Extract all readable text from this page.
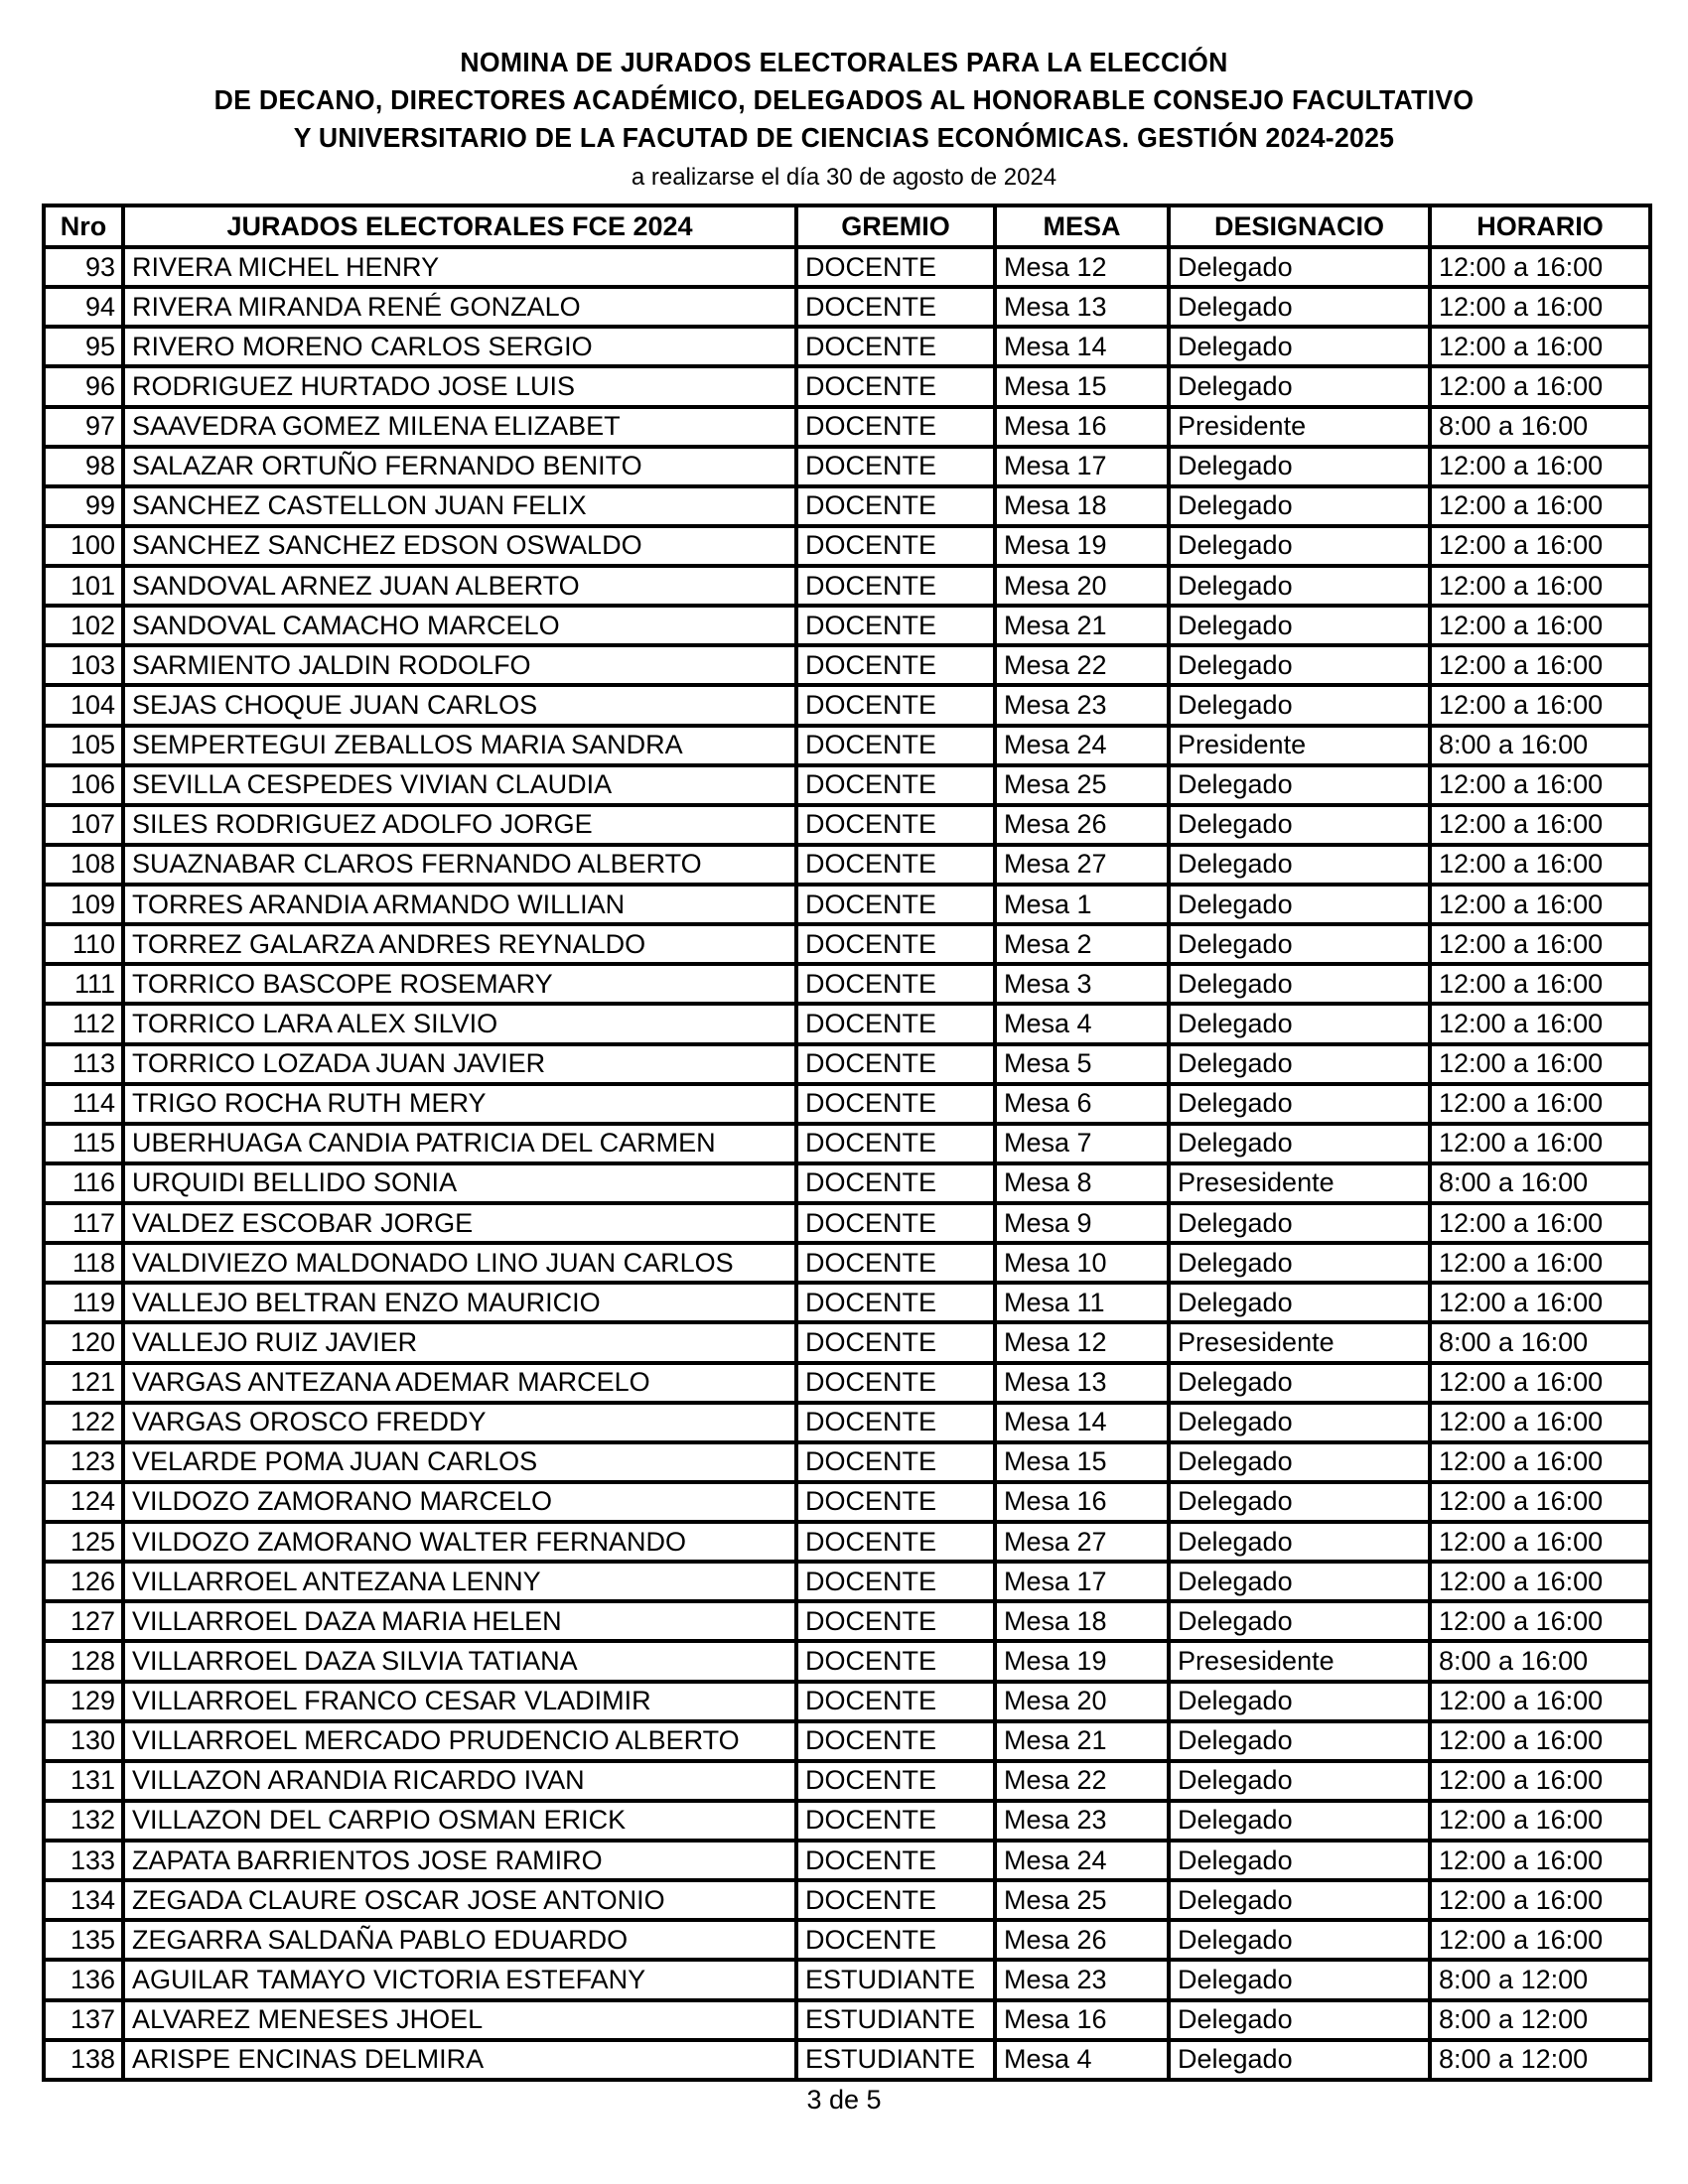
NOMINA DE JURADOS ELECTORALES PARA LA ELECCIÓN
DE DECANO, DIRECTORES ACADÉMICO, DELEGADOS AL HONORABLE CONSEJO FACULTATIVO
Y UNIVERSITARIO DE LA FACUTAD DE CIENCIAS ECONÓMICAS. GESTIÓN 2024-2025
a realizarse el día 30 de agosto de 2024
Nro	JURADOS ELECTORALES FCE 2024	GREMIO	MESA	DESIGNACIO	HORARIO
93	RIVERA MICHEL HENRY	DOCENTE	Mesa 12	Delegado	12:00 a 16:00
94	RIVERA MIRANDA RENÉ GONZALO	DOCENTE	Mesa 13	Delegado	12:00 a 16:00
95	RIVERO MORENO CARLOS SERGIO	DOCENTE	Mesa 14	Delegado	12:00 a 16:00
96	RODRIGUEZ HURTADO JOSE LUIS	DOCENTE	Mesa 15	Delegado	12:00 a 16:00
97	SAAVEDRA GOMEZ MILENA ELIZABET	DOCENTE	Mesa 16	Presidente	8:00 a 16:00
98	SALAZAR ORTUÑO FERNANDO BENITO	DOCENTE	Mesa 17	Delegado	12:00 a 16:00
99	SANCHEZ CASTELLON JUAN FELIX	DOCENTE	Mesa 18	Delegado	12:00 a 16:00
100	SANCHEZ SANCHEZ EDSON OSWALDO	DOCENTE	Mesa 19	Delegado	12:00 a 16:00
101	SANDOVAL ARNEZ JUAN ALBERTO	DOCENTE	Mesa 20	Delegado	12:00 a 16:00
102	SANDOVAL CAMACHO MARCELO	DOCENTE	Mesa 21	Delegado	12:00 a 16:00
103	SARMIENTO JALDIN RODOLFO	DOCENTE	Mesa 22	Delegado	12:00 a 16:00
104	SEJAS CHOQUE JUAN CARLOS	DOCENTE	Mesa 23	Delegado	12:00 a 16:00
105	SEMPERTEGUI ZEBALLOS MARIA SANDRA	DOCENTE	Mesa 24	Presidente	8:00 a 16:00
106	SEVILLA CESPEDES VIVIAN CLAUDIA	DOCENTE	Mesa 25	Delegado	12:00 a 16:00
107	SILES RODRIGUEZ ADOLFO JORGE	DOCENTE	Mesa 26	Delegado	12:00 a 16:00
108	SUAZNABAR CLAROS FERNANDO ALBERTO	DOCENTE	Mesa 27	Delegado	12:00 a 16:00
109	TORRES ARANDIA ARMANDO WILLIAN	DOCENTE	Mesa 1	Delegado	12:00 a 16:00
110	TORREZ GALARZA ANDRES REYNALDO	DOCENTE	Mesa 2	Delegado	12:00 a 16:00
111	TORRICO BASCOPE ROSEMARY	DOCENTE	Mesa 3	Delegado	12:00 a 16:00
112	TORRICO LARA ALEX SILVIO	DOCENTE	Mesa 4	Delegado	12:00 a 16:00
113	TORRICO LOZADA JUAN JAVIER	DOCENTE	Mesa 5	Delegado	12:00 a 16:00
114	TRIGO ROCHA RUTH MERY	DOCENTE	Mesa 6	Delegado	12:00 a 16:00
115	UBERHUAGA CANDIA PATRICIA DEL CARMEN	DOCENTE	Mesa 7	Delegado	12:00 a 16:00
116	URQUIDI BELLIDO SONIA	DOCENTE	Mesa 8	Presesidente	8:00 a 16:00
117	VALDEZ ESCOBAR JORGE	DOCENTE	Mesa 9	Delegado	12:00 a 16:00
118	VALDIVIEZO MALDONADO LINO JUAN CARLOS	DOCENTE	Mesa 10	Delegado	12:00 a 16:00
119	VALLEJO BELTRAN ENZO MAURICIO	DOCENTE	Mesa 11	Delegado	12:00 a 16:00
120	VALLEJO RUIZ JAVIER	DOCENTE	Mesa 12	Presesidente	8:00 a 16:00
121	VARGAS ANTEZANA ADEMAR MARCELO	DOCENTE	Mesa 13	Delegado	12:00 a 16:00
122	VARGAS OROSCO FREDDY	DOCENTE	Mesa 14	Delegado	12:00 a 16:00
123	VELARDE POMA JUAN CARLOS	DOCENTE	Mesa 15	Delegado	12:00 a 16:00
124	VILDOZO ZAMORANO MARCELO	DOCENTE	Mesa 16	Delegado	12:00 a 16:00
125	VILDOZO ZAMORANO WALTER FERNANDO	DOCENTE	Mesa 27	Delegado	12:00 a 16:00
126	VILLARROEL ANTEZANA LENNY	DOCENTE	Mesa 17	Delegado	12:00 a 16:00
127	VILLARROEL DAZA MARIA HELEN	DOCENTE	Mesa 18	Delegado	12:00 a 16:00
128	VILLARROEL DAZA SILVIA TATIANA	DOCENTE	Mesa 19	Presesidente	8:00 a 16:00
129	VILLARROEL FRANCO CESAR VLADIMIR	DOCENTE	Mesa 20	Delegado	12:00 a 16:00
130	VILLARROEL MERCADO PRUDENCIO ALBERTO	DOCENTE	Mesa 21	Delegado	12:00 a 16:00
131	VILLAZON ARANDIA RICARDO IVAN	DOCENTE	Mesa 22	Delegado	12:00 a 16:00
132	VILLAZON DEL CARPIO OSMAN ERICK	DOCENTE	Mesa 23	Delegado	12:00 a 16:00
133	ZAPATA BARRIENTOS JOSE RAMIRO	DOCENTE	Mesa 24	Delegado	12:00 a 16:00
134	ZEGADA CLAURE OSCAR JOSE ANTONIO	DOCENTE	Mesa 25	Delegado	12:00 a 16:00
135	ZEGARRA SALDAÑA PABLO EDUARDO	DOCENTE	Mesa 26	Delegado	12:00 a 16:00
136	AGUILAR TAMAYO VICTORIA ESTEFANY	ESTUDIANTE	Mesa 23	Delegado	8:00 a 12:00
137	ALVAREZ MENESES JHOEL	ESTUDIANTE	Mesa 16	Delegado	8:00 a 12:00
138	ARISPE ENCINAS DELMIRA	ESTUDIANTE	Mesa 4	Delegado	8:00 a 12:00
3 de 5
